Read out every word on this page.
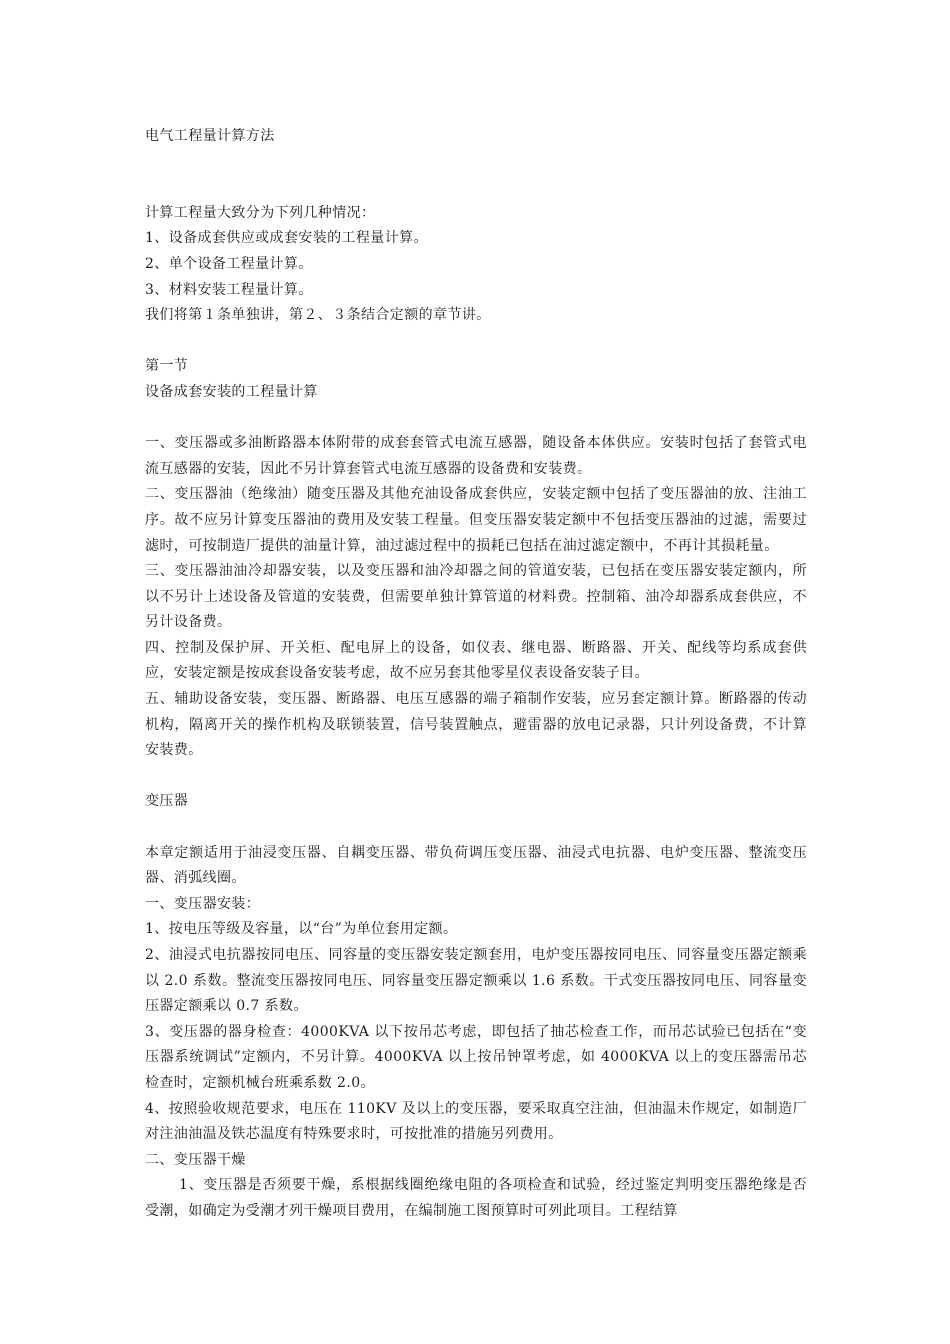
电气工程量计算方法

计算工程量大致分为下列几种情况：

1、设备成套供应或成套安装的工程量计算。

2、单个设备工程量计算。

3、材料安装工程量计算。

我们将第１条单独讲，第２、３条结合定额的章节讲。

第一节

设备成套安装的工程量计算

一、变压器或多油断路器本体附带的成套套管式电流互感器，随设备本体供应。安装时包括了套管式电流互感器的安装，因此不另计算套管式电流互感器的设备费和安装费。

二、变压器油（绝缘油）随变压器及其他充油设备成套供应，安装定额中包括了变压器油的放、注油工序。故不应另计算变压器油的费用及安装工程量。但变压器安装定额中不包括变压器油的过滤，需要过滤时，可按制造厂提供的油量计算，油过滤过程中的损耗已包括在油过滤定额中，不再计其损耗量。

三、变压器油油冷却器安装，以及变压器和油冷却器之间的管道安装，已包括在变压器安装定额内，所以不另计上述设备及管道的安装费，但需要单独计算管道的材料费。控制箱、油冷却器系成套供应，不另计设备费。

四、控制及保护屏、开关柜、配电屏上的设备，如仪表、继电器、断路器、开关、配线等均系成套供应，安装定额是按成套设备安装考虑，故不应另套其他零星仪表设备安装子目。

五、辅助设备安装，变压器、断路器、电压互感器的端子箱制作安装，应另套定额计算。断路器的传动机构，隔离开关的操作机构及联锁装置，信号装置触点，避雷器的放电记录器，只计列设备费，不计算安装费。

变压器

本章定额适用于油浸变压器、自耦变压器、带负荷调压变压器、油浸式电抗器、电炉变压器、整流变压器、消弧线圈。

一、变压器安装：

1、按电压等级及容量，以“台”为单位套用定额。

2、油浸式电抗器按同电压、同容量的变压器安装定额套用，电炉变压器按同电压、同容量变压器定额乘以 2.0 系数。整流变压器按同电压、同容量变压器定额乘以 1.6 系数。干式变压器按同电压、同容量变压器定额乘以 0.7 系数。

3、变压器的器身检查：4000KVA 以下按吊芯考虑，即包括了抽芯检查工作，而吊芯试验已包括在“变压器系统调试”定额内，不另计算。4000KVA 以上按吊钟罩考虑，如 4000KVA 以上的变压器需吊芯检查时，定额机械台班乘系数 2.0。

4、按照验收规范要求，电压在 110KV 及以上的变压器，要采取真空注油，但油温未作规定，如制造厂对注油油温及铁芯温度有特殊要求时，可按批准的措施另列费用。

二、变压器干燥

1、变压器是否须要干燥，系根据线圈绝缘电阻的各项检查和试验，经过鉴定判明变压器绝缘是否受潮，如确定为受潮才列干燥项目费用，在编制施工图预算时可列此项目。工程结算
